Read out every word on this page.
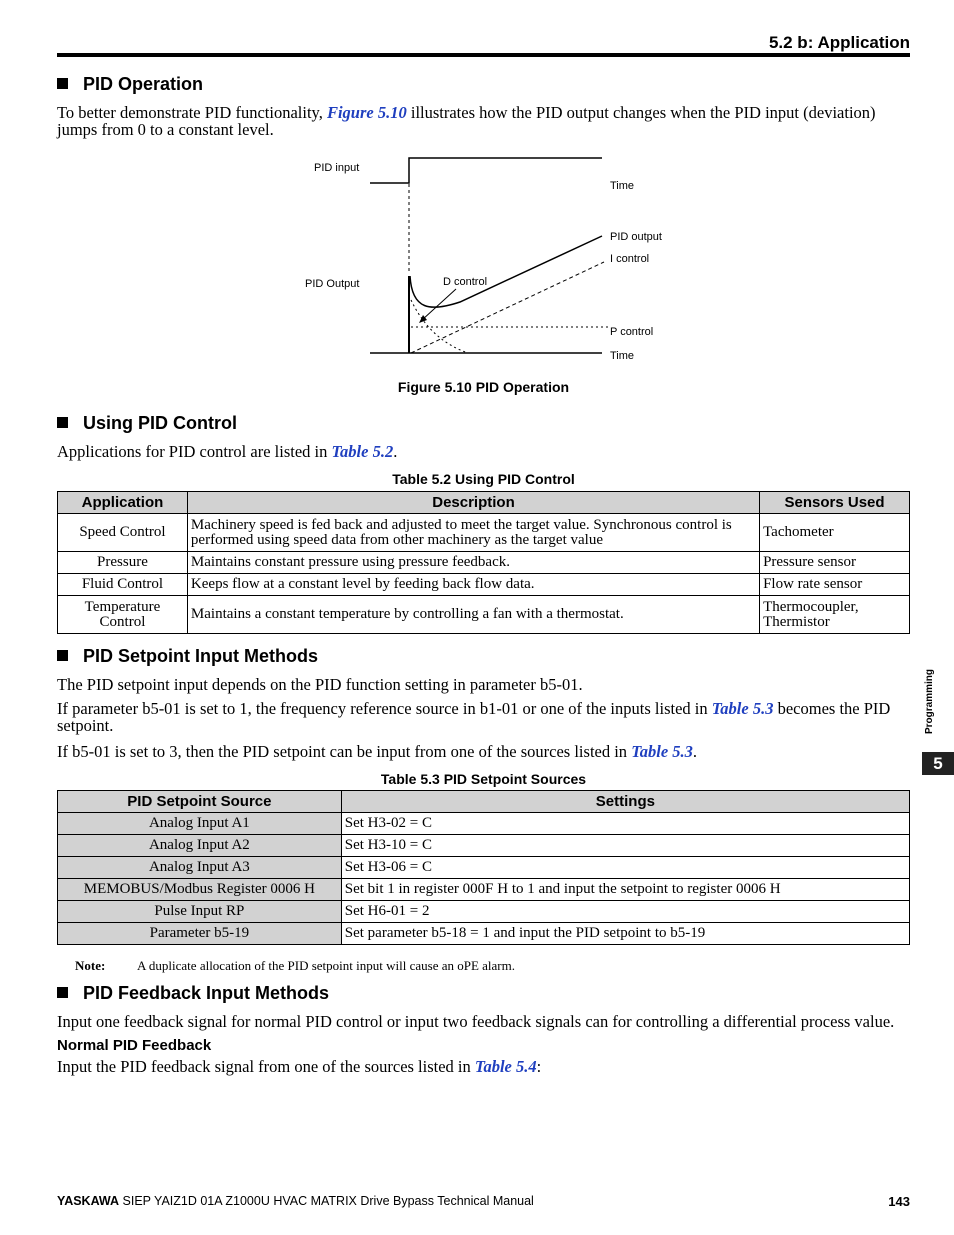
5.2 b: Application
PID Operation
To better demonstrate PID functionality, Figure 5.10 illustrates how the PID output changes when the PID input (deviation) jumps from 0 to a constant level.
PID input
Time
PID output
I control
PID Output	D control
P control
Time
Figure 5.10 PID Operation
Using PID Control
Applications for PID control are listed in Table 5.2.
Table 5.2 Using PID Control
Application	Description	Sensors Used
Speed Control	Machinery speed is fed back and adjusted to meet the target value. Synchronous control is performed using speed data from other machinery as the target value	Tachometer
Pressure	Maintains constant pressure using pressure feedback.	Pressure sensor
Fluid Control	Keeps flow at a constant level by feeding back flow data.	Flow rate sensor
Temperature Control	Maintains a constant temperature by controlling a fan with a thermostat.	Thermocoupler, Thermistor
PID Setpoint Input Methods
The PID setpoint input depends on the PID function setting in parameter b5-01.
If parameter b5-01 is set to 1, the frequency reference source in b1-01 or one of the inputs listed in Table 5.3 becomes the PID setpoint.
If b5-01 is set to 3, then the PID setpoint can be input from one of the sources listed in Table 5.3.
Table 5.3 PID Setpoint Sources
PID Setpoint Source	Settings
Analog Input A1	Set H3-02 = C
Analog Input A2	Set H3-10 = C
Analog Input A3	Set H3-06 = C
MEMOBUS/Modbus Register 0006 H	Set bit 1 in register 000F H to 1 and input the setpoint to register 0006 H
Pulse Input RP	Set H6-01 = 2
Parameter b5-19	Set parameter b5-18 = 1 and input the PID setpoint to b5-19
Note: A duplicate allocation of the PID setpoint input will cause an oPE alarm.
PID Feedback Input Methods
Input one feedback signal for normal PID control or input two feedback signals can for controlling a differential process value.
Normal PID Feedback
Input the PID feedback signal from one of the sources listed in Table 5.4:
Programming
5
YASKAWA SIEP YAIZ1D 01A Z1000U HVAC MATRIX Drive Bypass Technical Manual	143
